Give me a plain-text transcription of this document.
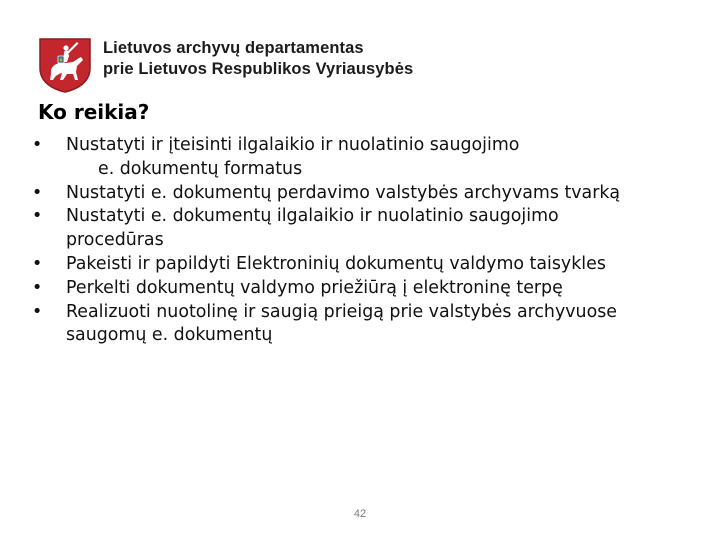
Lietuvos archyvų departamentas
prie Lietuvos Respublikos Vyriausybės
Ko reikia?
• Nustatyti ir įteisinti ilgalaikio ir nuolatinio saugojimo
e. dokumentų formatus
• Nustatyti e. dokumentų perdavimo valstybės archyvams tvarką
• Nustatyti e. dokumentų ilgalaikio ir nuolatinio saugojimo
procedūras
• Pakeisti ir papildyti Elektroninių dokumentų valdymo taisykles
• Perkelti dokumentų valdymo priežiūrą į elektroninę terpę
• Realizuoti nuotolinę ir saugią prieigą prie valstybės archyvuose
saugomų e. dokumentų
42
